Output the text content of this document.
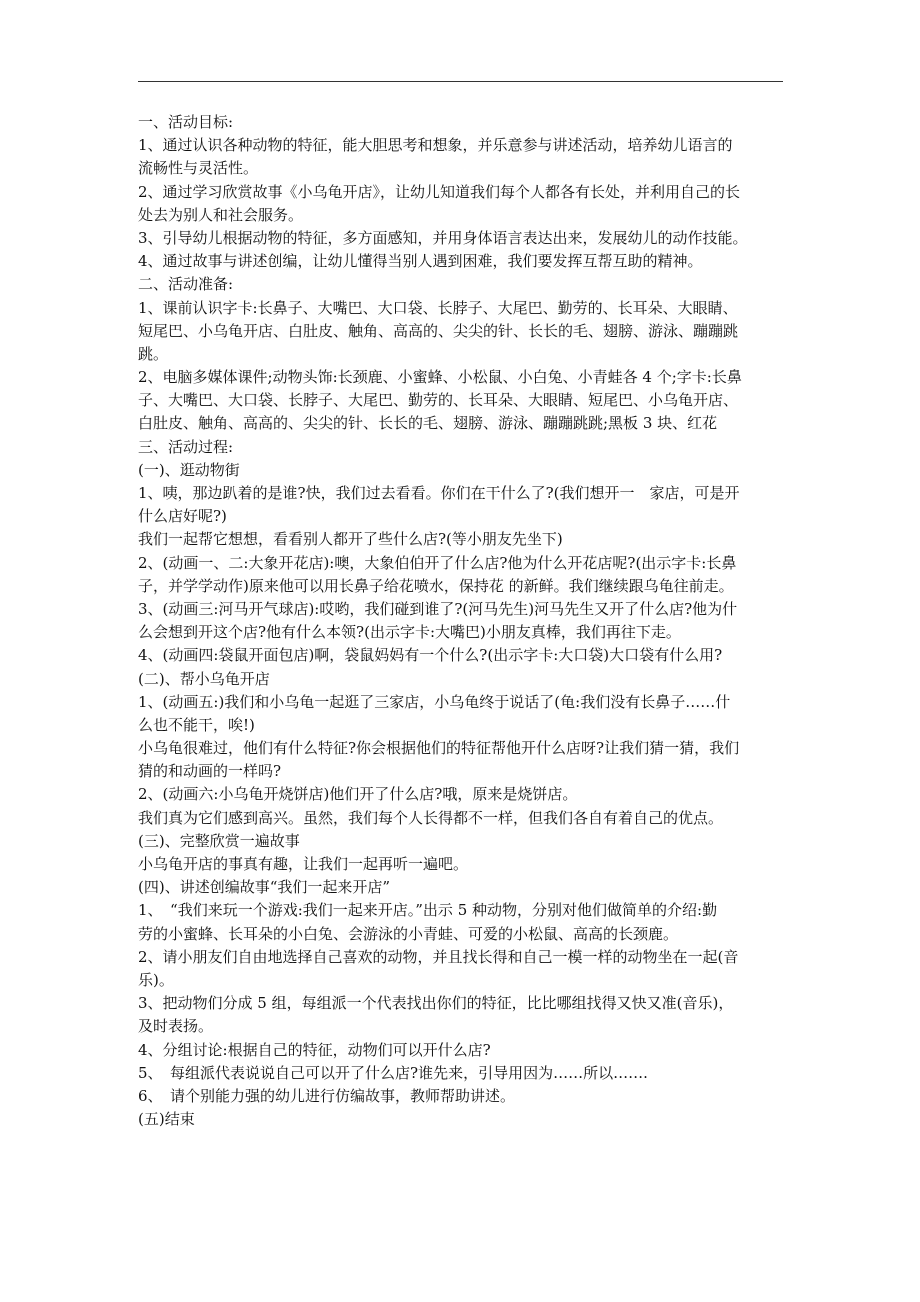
一、活动目标:
1、通过认识各种动物的特征，能大胆思考和想象，并乐意参与讲述活动，培养幼儿语言的
流畅性与灵活性。
2、通过学习欣赏故事《小乌龟开店》，让幼儿知道我们每个人都各有长处，并利用自己的长
处去为别人和社会服务。
3、引导幼儿根据动物的特征，多方面感知，并用身体语言表达出来，发展幼儿的动作技能。
4、通过故事与讲述创编，让幼儿懂得当别人遇到困难，我们要发挥互帮互助的精神。
二、活动准备:
1、课前认识字卡:长鼻子、大嘴巴、大口袋、长脖子、大尾巴、勤劳的、长耳朵、大眼睛、
短尾巴、小乌龟开店、白肚皮、触角、高高的、尖尖的针、长长的毛、翅膀、游泳、蹦蹦跳
跳。
2、电脑多媒体课件;动物头饰:长颈鹿、小蜜蜂、小松鼠、小白兔、小青蛙各 4 个;字卡:长鼻
子、大嘴巴、大口袋、长脖子、大尾巴、勤劳的、长耳朵、大眼睛、短尾巴、小乌龟开店、
白肚皮、触角、高高的、尖尖的针、长长的毛、翅膀、游泳、蹦蹦跳跳;黑板 3 块、红花
三、活动过程:
(一)、逛动物街
1、咦，那边趴着的是谁?快，我们过去看看。你们在干什么了?(我们想开一　家店，可是开
什么店好呢?)
我们一起帮它想想，看看别人都开了些什么店?(等小朋友先坐下)
2、(动画一、二:大象开花店):噢，大象伯伯开了什么店?他为什么开花店呢?(出示字卡:长鼻
子，并学学动作)原来他可以用长鼻子给花喷水，保持花 的新鲜。我们继续跟乌龟往前走。
3、(动画三:河马开气球店):哎哟，我们碰到谁了?(河马先生)河马先生又开了什么店?他为什
么会想到开这个店?他有什么本领?(出示字卡:大嘴巴)小朋友真棒，我们再往下走。
4、(动画四:袋鼠开面包店)啊，袋鼠妈妈有一个什么?(出示字卡:大口袋)大口袋有什么用?
(二)、帮小乌龟开店
1、(动画五:)我们和小乌龟一起逛了三家店，小乌龟终于说话了(龟:我们没有长鼻子……什
么也不能干，唉!)
小乌龟很难过，他们有什么特征?你会根据他们的特征帮他开什么店呀?让我们猜一猜，我们
猜的和动画的一样吗?
2、(动画六:小乌龟开烧饼店)他们开了什么店?哦，原来是烧饼店。
我们真为它们感到高兴。虽然，我们每个人长得都不一样，但我们各自有着自己的优点。
(三)、完整欣赏一遍故事
小乌龟开店的事真有趣，让我们一起再听一遍吧。
(四)、讲述创编故事“我们一起来开店”
1、　“我们来玩一个游戏:我们一起来开店。”出示 5 种动物，分别对他们做简单的介绍:勤
劳的小蜜蜂、长耳朵的小白兔、会游泳的小青蛙、可爱的小松鼠、高高的长颈鹿。
2、请小朋友们自由地选择自己喜欢的动物，并且找长得和自己一模一样的动物坐在一起(音
乐)。
3、把动物们分成 5 组，每组派一个代表找出你们的特征，比比哪组找得又快又准(音乐)，
及时表扬。
4、分组讨论:根据自己的特征，动物们可以开什么店?
5、　每组派代表说说自己可以开了什么店?谁先来，引导用因为……所以…….
6、　请个别能力强的幼儿进行仿编故事，教师帮助讲述。
(五)结束
